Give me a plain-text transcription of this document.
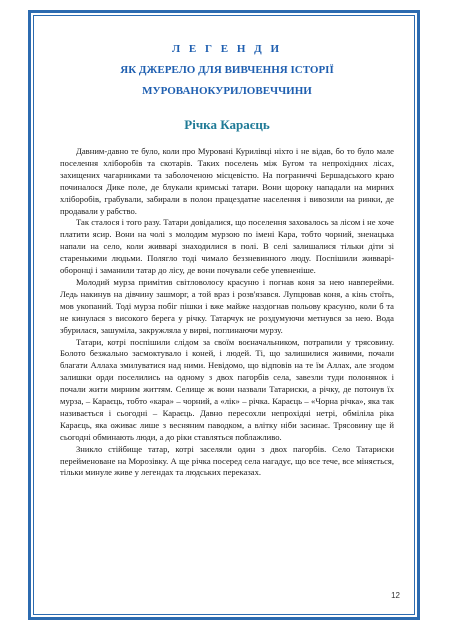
Л Е Г Е Н Д И
ЯК ДЖЕРЕЛО ДЛЯ ВИВЧЕННЯ ІСТОРІЇ
МУРОВАНОКУРИЛОВЕЧЧИНИ
Річка Караєць

Давним-давно те було, коли про Муровані Курилівці ніхто і не відав, бо то було мале поселення хліборобів та скотарів. Таких поселень між Бугом та непрохідних лісах, захищених чагарниками та заболоченою місцевістю. На пограниччі Бершадського краю починалося Дике поле, де блукали кримські татари. Вони щороку нападали на мирних хліборобів, грабували, забирали в полон працездатне населення і вивозили на ринки, де продавали у рабство.

Так сталося і того разу. Татари довідалися, що поселення заховалось за лісом і не хоче платити ясир. Вони на чолі з молодим мурзою по імені Кара, тобто чорний, зненацька напали на село, коли живварі знаходилися в полі. В селі залишалися тільки діти зі старенькими людьми. Полягло тоді чимало беззневинного люду. Поспішили живварі-оборонці і заманили татар до лісу, де вони почували себе упевненіше.

Молодий мурза примітив світловолосу красуню і погнав коня за нею навперейми. Ледь накинув на дівчину зашморг, а той враз і розв'язався. Лупцював коня, а кінь стоїть, мов укопаний. Тоді мурза побіг пішки і вже майже наздогнав польову красуню, коли б та не кинулася з високого берега у річку. Татарчук не роздумуючи метнувся за нею. Вода збурилася, зашуміла, закружляла у вирві, поглинаючи мурзу.

Татари, котрі поспішили слідом за своїм воєначальником, потрапили у трясовину. Болото безжально засмоктувало і коней, і людей. Ті, що залишилися живими, почали благати Аллаха змилуватися над ними. Невідомо, що відповів на те їм Аллах, але згодом залишки орди поселились на одному з двох пагорбів села, завезли туди полонянок і почали жити мирним життям. Селище ж вони назвали Татариски, а річку, де потонув їх мурза, – Караєць, тобто «кара» – чорний, а «лік» – річка. Караєць – «Чорна річка», яка так називається і сьогодні – Караєць. Давно пересохли непрохідні нетрі, обміліла ріка Караєць, яка оживає лише з весняним паводком, а влітку ніби засинає. Трясовину ще й сьогодні обминають люди, а до ріки ставляться поблажливо.

Зникло стійбище татар, котрі заселяли один з двох пагорбів. Село Татариски перейменоване на Морозівку. А ще річка посеред села нагадує, що все тече, все міняється, тільки минуле живе у легендах та людських переказах.

12
